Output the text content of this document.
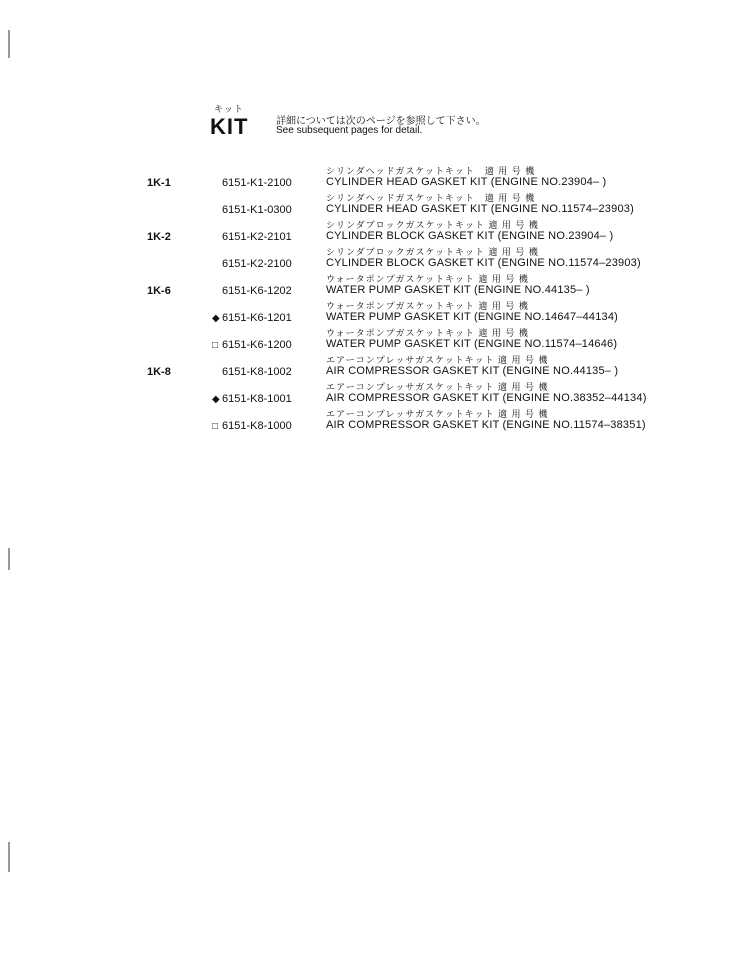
キット
KIT	詳細については次のページを参照して下さい。
See subsequent pages for detail.
1K-1	6151-K1-2100
シリンダヘッドガスケットキット　適 用 号 機
CYLINDER HEAD GASKET KIT (ENGINE NO.23904– )
6151-K1-0300
シリンダヘッドガスケットキット　適 用 号 機
CYLINDER HEAD GASKET KIT (ENGINE NO.11574–23903)
1K-2	6151-K2-2101
シリンダブロックガスケットキット 適 用 号 機
CYLINDER BLOCK GASKET KIT (ENGINE NO.23904– )
6151-K2-2100
シリンダブロックガスケットキット 適 用 号 機
CYLINDER BLOCK GASKET KIT (ENGINE NO.11574–23903)
1K-6	6151-K6-1202
ウォータポンプガスケットキット 適 用 号 機
WATER PUMP GASKET KIT (ENGINE NO.44135– )
◆ 6151-K6-1201
ウォータポンプガスケットキット 適 用 号 機
WATER PUMP GASKET KIT (ENGINE NO.14647–44134)
□ 6151-K6-1200
ウォータポンプガスケットキット 適 用 号 機
WATER PUMP GASKET KIT (ENGINE NO.11574–14646)
1K-8	6151-K8-1002
エアーコンプレッサガスケットキット 適 用 号 機
AIR COMPRESSOR GASKET KIT (ENGINE NO.44135– )
◆ 6151-K8-1001
エアーコンプレッサガスケットキット 適 用 号 機
AIR COMPRESSOR GASKET KIT (ENGINE NO.38352–44134)
□ 6151-K8-1000
エアーコンプレッサガスケットキット 適 用 号 機
AIR COMPRESSOR GASKET KIT (ENGINE NO.11574–38351)
